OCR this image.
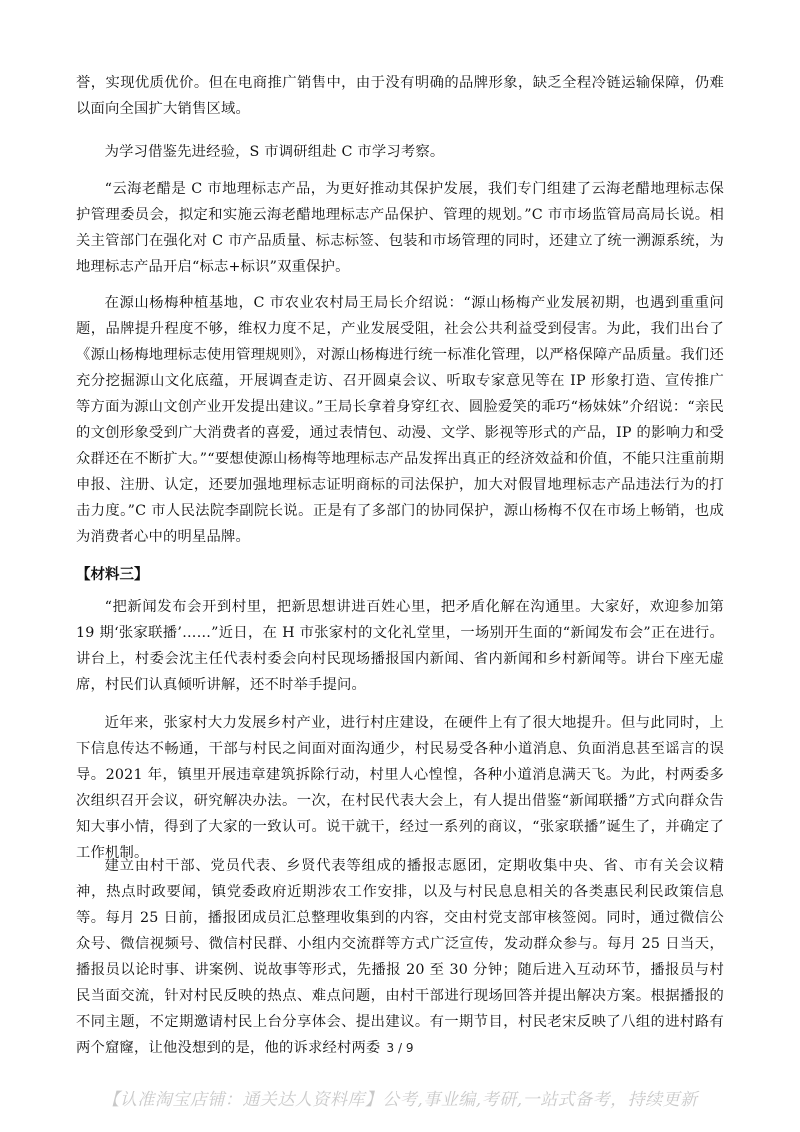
誉，实现优质优价。但在电商推广销售中，由于没有明确的品牌形象，缺乏全程冷链运输保障，仍难以面向全国扩大销售区域。

为学习借鉴先进经验，S 市调研组赴 C 市学习考察。

“云海老醋是 C 市地理标志产品，为更好推动其保护发展，我们专门组建了云海老醋地理标志保护管理委员会，拟定和实施云海老醋地理标志产品保护、管理的规划。”C 市市场监管局高局长说。相关主管部门在强化对 C 市产品质量、标志标签、包装和市场管理的同时，还建立了统一溯源系统，为地理标志产品开启“标志+标识”双重保护。

在源山杨梅种植基地，C 市农业农村局王局长介绍说：“源山杨梅产业发展初期，也遇到重重问题，品牌提升程度不够，维权力度不足，产业发展受阻，社会公共利益受到侵害。为此，我们出台了《源山杨梅地理标志使用管理规则》，对源山杨梅进行统一标准化管理，以严格保障产品质量。我们还充分挖掘源山文化底蕴，开展调查走访、召开圆桌会议、听取专家意见等在 IP 形象打造、宣传推广等方面为源山文创产业开发提出建议。”王局长拿着身穿红衣、圆脸爱笑的乖巧“杨妹妹”介绍说：“亲民的文创形象受到广大消费者的喜爱，通过表情包、动漫、文学、影视等形式的产品，IP 的影响力和受众群还在不断扩大。”“要想使源山杨梅等地理标志产品发挥出真正的经济效益和价值，不能只注重前期申报、注册、认定，还要加强地理标志证明商标的司法保护，加大对假冒地理标志产品违法行为的打击力度。”C 市人民法院李副院长说。正是有了多部门的协同保护，源山杨梅不仅在市场上畅销，也成为消费者心中的明星品牌。

【材料三】

“把新闻发布会开到村里，把新思想讲进百姓心里，把矛盾化解在沟通里。大家好，欢迎参加第 19 期‘张家联播’……”近日，在 H 市张家村的文化礼堂里，一场别开生面的“新闻发布会”正在进行。讲台上，村委会沈主任代表村委会向村民现场播报国内新闻、省内新闻和乡村新闻等。讲台下座无虚席，村民们认真倾听讲解，还不时举手提问。

近年来，张家村大力发展乡村产业，进行村庄建设，在硬件上有了很大地提升。但与此同时，上下信息传达不畅通，干部与村民之间面对面沟通少，村民易受各种小道消息、负面消息甚至谣言的误导。2021 年，镇里开展违章建筑拆除行动，村里人心惶惶，各种小道消息满天飞。为此，村两委多次组织召开会议，研究解决办法。一次，在村民代表大会上，有人提出借鉴“新闻联播”方式向群众告知大事小情，得到了大家的一致认可。说干就干，经过一系列的商议，“张家联播”诞生了，并确定了工作机制。

建立由村干部、党员代表、乡贤代表等组成的播报志愿团，定期收集中央、省、市有关会议精神，热点时政要闻，镇党委政府近期涉农工作安排，以及与村民息息相关的各类惠民利民政策信息等。每月 25 日前，播报团成员汇总整理收集到的内容，交由村党支部审核签阅。同时，通过微信公众号、微信视频号、微信村民群、小组内交流群等方式广泛宣传，发动群众参与。每月 25 日当天，播报员以论时事、讲案例、说故事等形式，先播报 20 至 30 分钟；随后进入互动环节，播报员与村民当面交流，针对村民反映的热点、难点问题，由村干部进行现场回答并提出解决方案。根据播报的不同主题，不定期邀请村民上台分享体会、提出建议。有一期节目，村民老宋反映了八组的进村路有两个窟窿，让他没想到的是，他的诉求经村两委 3 / 9
【认准淘宝店铺：通关达人资料库】公考,事业编,考研,一站式备考，持续更新
